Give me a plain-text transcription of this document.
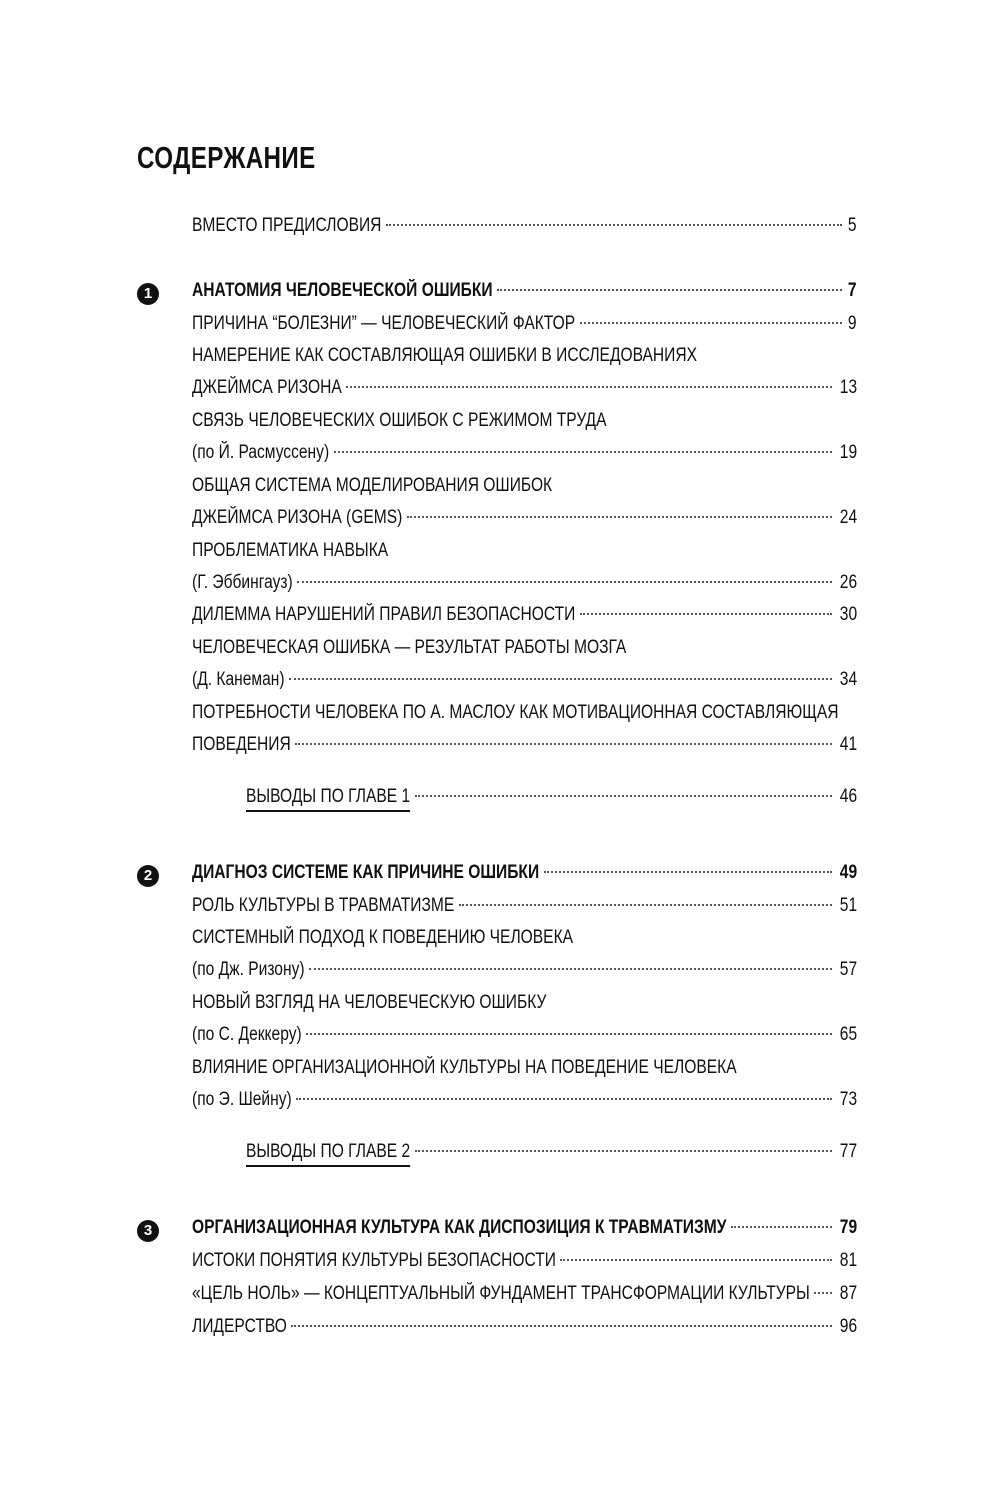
СОДЕРЖАНИЕ
ВМЕСТО ПРЕДИСЛОВИЯ	5
1	АНАТОМИЯ ЧЕЛОВЕЧЕСКОЙ ОШИБКИ	7
ПРИЧИНА “БОЛЕЗНИ” — ЧЕЛОВЕЧЕСКИЙ ФАКТОР	9
НАМЕРЕНИЕ КАК СОСТАВЛЯЮЩАЯ ОШИБКИ В ИССЛЕДОВАНИЯХ
ДЖЕЙМСА РИЗОНА	13
СВЯЗЬ ЧЕЛОВЕЧЕСКИХ ОШИБОК С РЕЖИМОМ ТРУДА
(по Й. Расмуссену)	19
ОБЩАЯ СИСТЕМА МОДЕЛИРОВАНИЯ ОШИБОК
ДЖЕЙМСА РИЗОНА (GEMS)	24
ПРОБЛЕМАТИКА НАВЫКА
(Г. Эббингауз)	26
ДИЛЕММА НАРУШЕНИЙ ПРАВИЛ БЕЗОПАСНОСТИ	30
ЧЕЛОВЕЧЕСКАЯ ОШИБКА — РЕЗУЛЬТАТ РАБОТЫ МОЗГА
(Д. Канеман)	34
ПОТРЕБНОСТИ ЧЕЛОВЕКА ПО А. МАСЛОУ КАК МОТИВАЦИОННАЯ СОСТАВЛЯЮЩАЯ
ПОВЕДЕНИЯ	41
ВЫВОДЫ ПО ГЛАВЕ 1	46
2	ДИАГНОЗ СИСТЕМЕ КАК ПРИЧИНЕ ОШИБКИ	49
РОЛЬ КУЛЬТУРЫ В ТРАВМАТИЗМЕ	51
СИСТЕМНЫЙ ПОДХОД К ПОВЕДЕНИЮ ЧЕЛОВЕКА
(по Дж. Ризону)	57
НОВЫЙ ВЗГЛЯД НА ЧЕЛОВЕЧЕСКУЮ ОШИБКУ
(по С. Деккеру)	65
ВЛИЯНИЕ ОРГАНИЗАЦИОННОЙ КУЛЬТУРЫ НА ПОВЕДЕНИЕ ЧЕЛОВЕКА
(по Э. Шейну)	73
ВЫВОДЫ ПО ГЛАВЕ 2	77
3	ОРГАНИЗАЦИОННАЯ КУЛЬТУРА КАК ДИСПОЗИЦИЯ К ТРАВМАТИЗМУ	79
ИСТОКИ ПОНЯТИЯ КУЛЬТУРЫ БЕЗОПАСНОСТИ	81
«ЦЕЛЬ НОЛЬ» — КОНЦЕПТУАЛЬНЫЙ ФУНДАМЕНТ ТРАНСФОРМАЦИИ КУЛЬТУРЫ 87
ЛИДЕРСТВО	96
